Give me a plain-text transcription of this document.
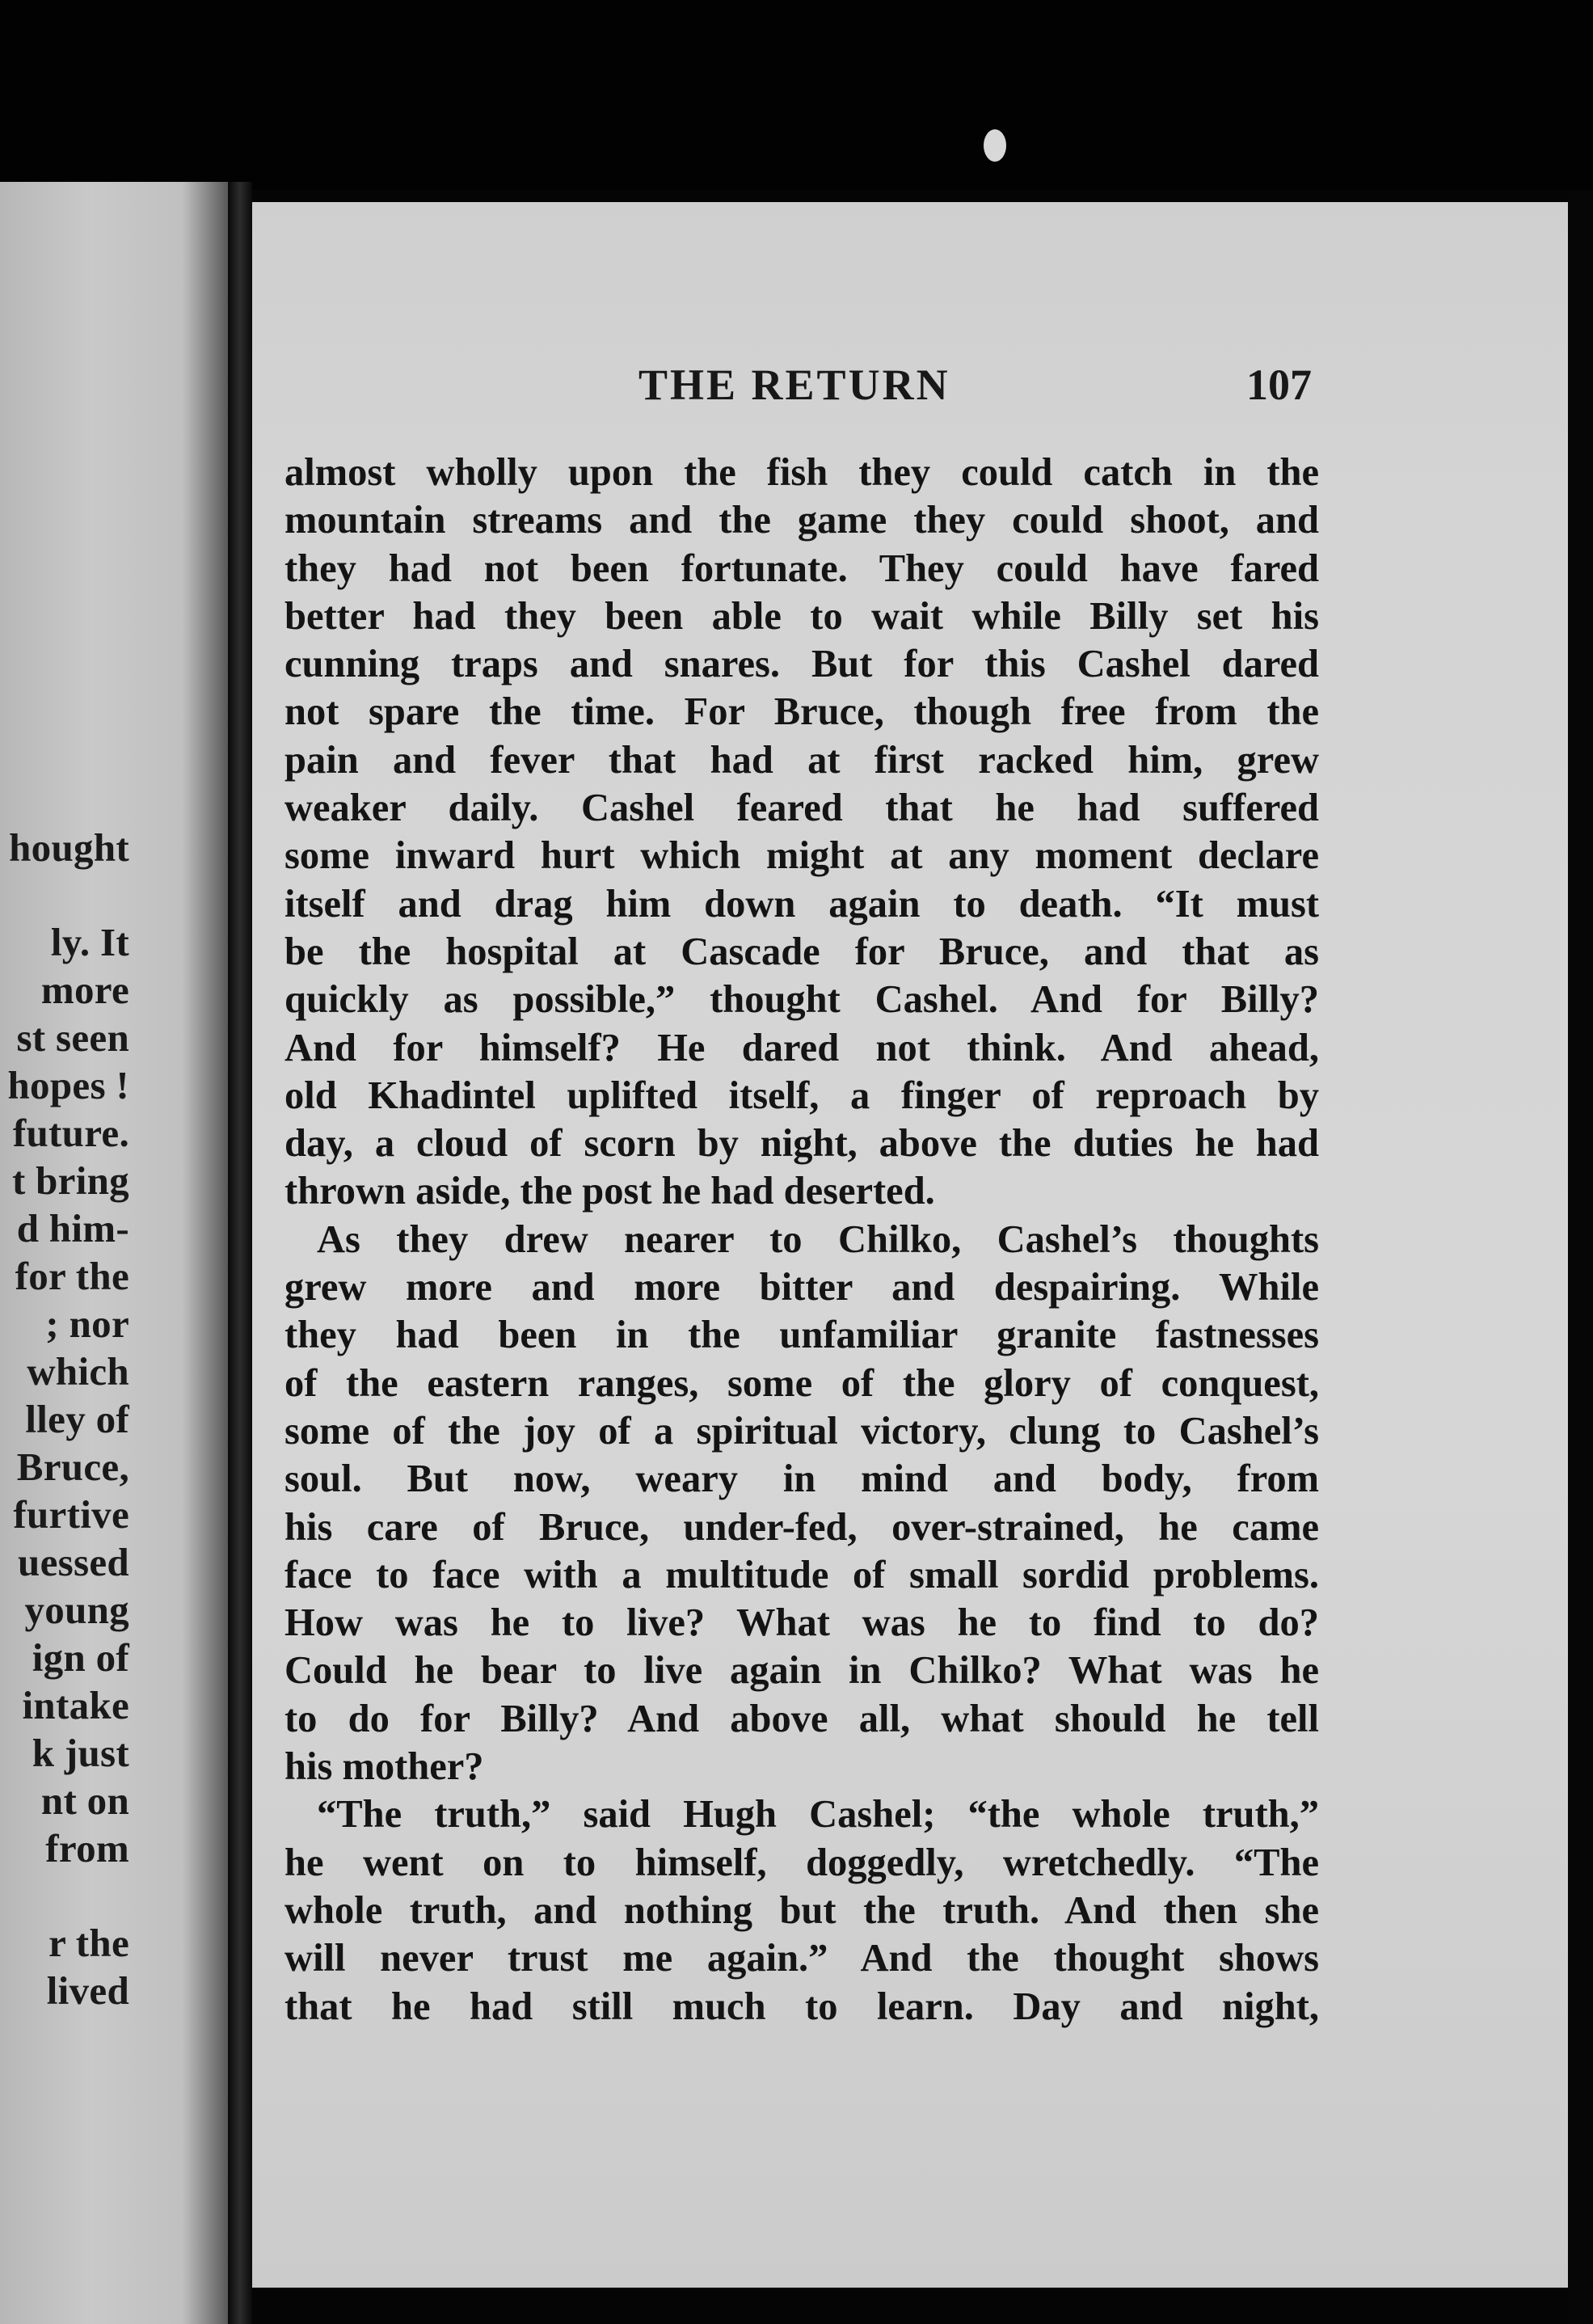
hought
ly. It
more
st seen
hopes !
future.
t bring
d him-
for the
; nor
which
lley of
Bruce,
furtive
uessed
young
ign of
intake
k just
nt on
from
r the
lived
THE RETURN	107
almost wholly upon the fish they could catch in the
mountain streams and the game they could shoot, and
they had not been fortunate. They could have fared
better had they been able to wait while Billy set his
cunning traps and snares. But for this Cashel dared
not spare the time. For Bruce, though free from the
pain and fever that had at first racked him, grew
weaker daily. Cashel feared that he had suffered
some inward hurt which might at any moment declare
itself and drag him down again to death. “It must
be the hospital at Cascade for Bruce, and that as
quickly as possible,” thought Cashel. And for Billy?
And for himself? He dared not think. And ahead,
old Khadintel uplifted itself, a finger of reproach by
day, a cloud of scorn by night, above the duties he had
thrown aside, the post he had deserted.
As they drew nearer to Chilko, Cashel’s thoughts
grew more and more bitter and despairing. While
they had been in the unfamiliar granite fastnesses
of the eastern ranges, some of the glory of conquest,
some of the joy of a spiritual victory, clung to Cashel’s
soul. But now, weary in mind and body, from
his care of Bruce, under-fed, over-strained, he came
face to face with a multitude of small sordid problems.
How was he to live? What was he to find to do?
Could he bear to live again in Chilko? What was he
to do for Billy? And above all, what should he tell
his mother?
“The truth,” said Hugh Cashel; “the whole truth,”
he went on to himself, doggedly, wretchedly. “The
whole truth, and nothing but the truth. And then she
will never trust me again.” And the thought shows
that he had still much to learn. Day and night,
